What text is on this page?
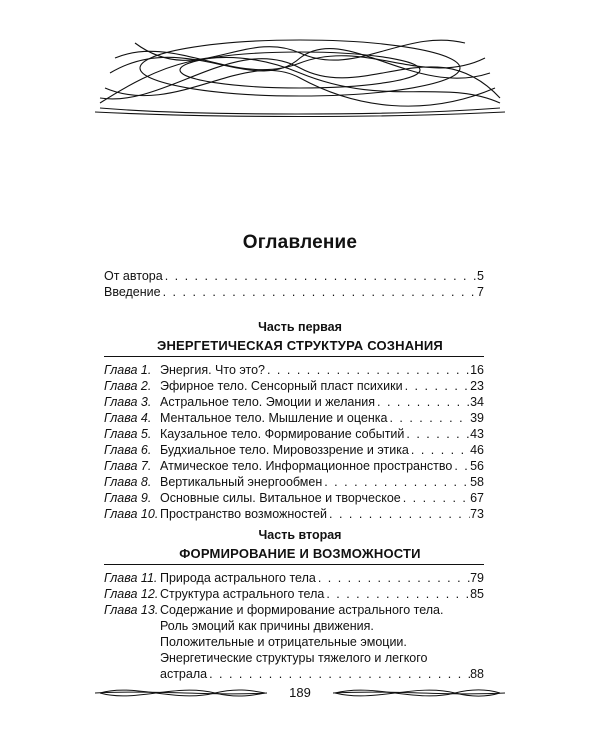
Оглавление
От автора . . .	5
Введение . . .	7
Часть первая
ЭНЕРГЕТИЧЕСКАЯ СТРУКТУРА СОЗНАНИЯ
Глава 1. Энергия. Что это? . . .	16
Глава 2. Эфирное тело. Сенсорный пласт психики . . .	23
Глава 3. Астральное тело. Эмоции и желания . . .	34
Глава 4. Ментальное тело. Мышление и оценка . . .	39
Глава 5. Каузальное тело. Формирование событий . . .	43
Глава 6. Будхиальное тело. Мировоззрение и этика . . .	46
Глава 7. Атмическое тело. Информационное пространство . . . 56
Глава 8. Вертикальный энергообмен . . .	58
Глава 9. Основные силы. Витальное и творческое . . .	67
Глава 10. Пространство возможностей . . .	73
Часть вторая
ФОРМИРОВАНИЕ И ВОЗМОЖНОСТИ
Глава 11. Природа астрального тела . . .	79
Глава 12. Структура астрального тела . . .	85
Глава 13. Содержание и формирование астрального тела.
Роль эмоций как причины движения.
Положительные и отрицательные эмоции.
Энергетические структуры тяжелого и легкого
астрала . . .	88
189
